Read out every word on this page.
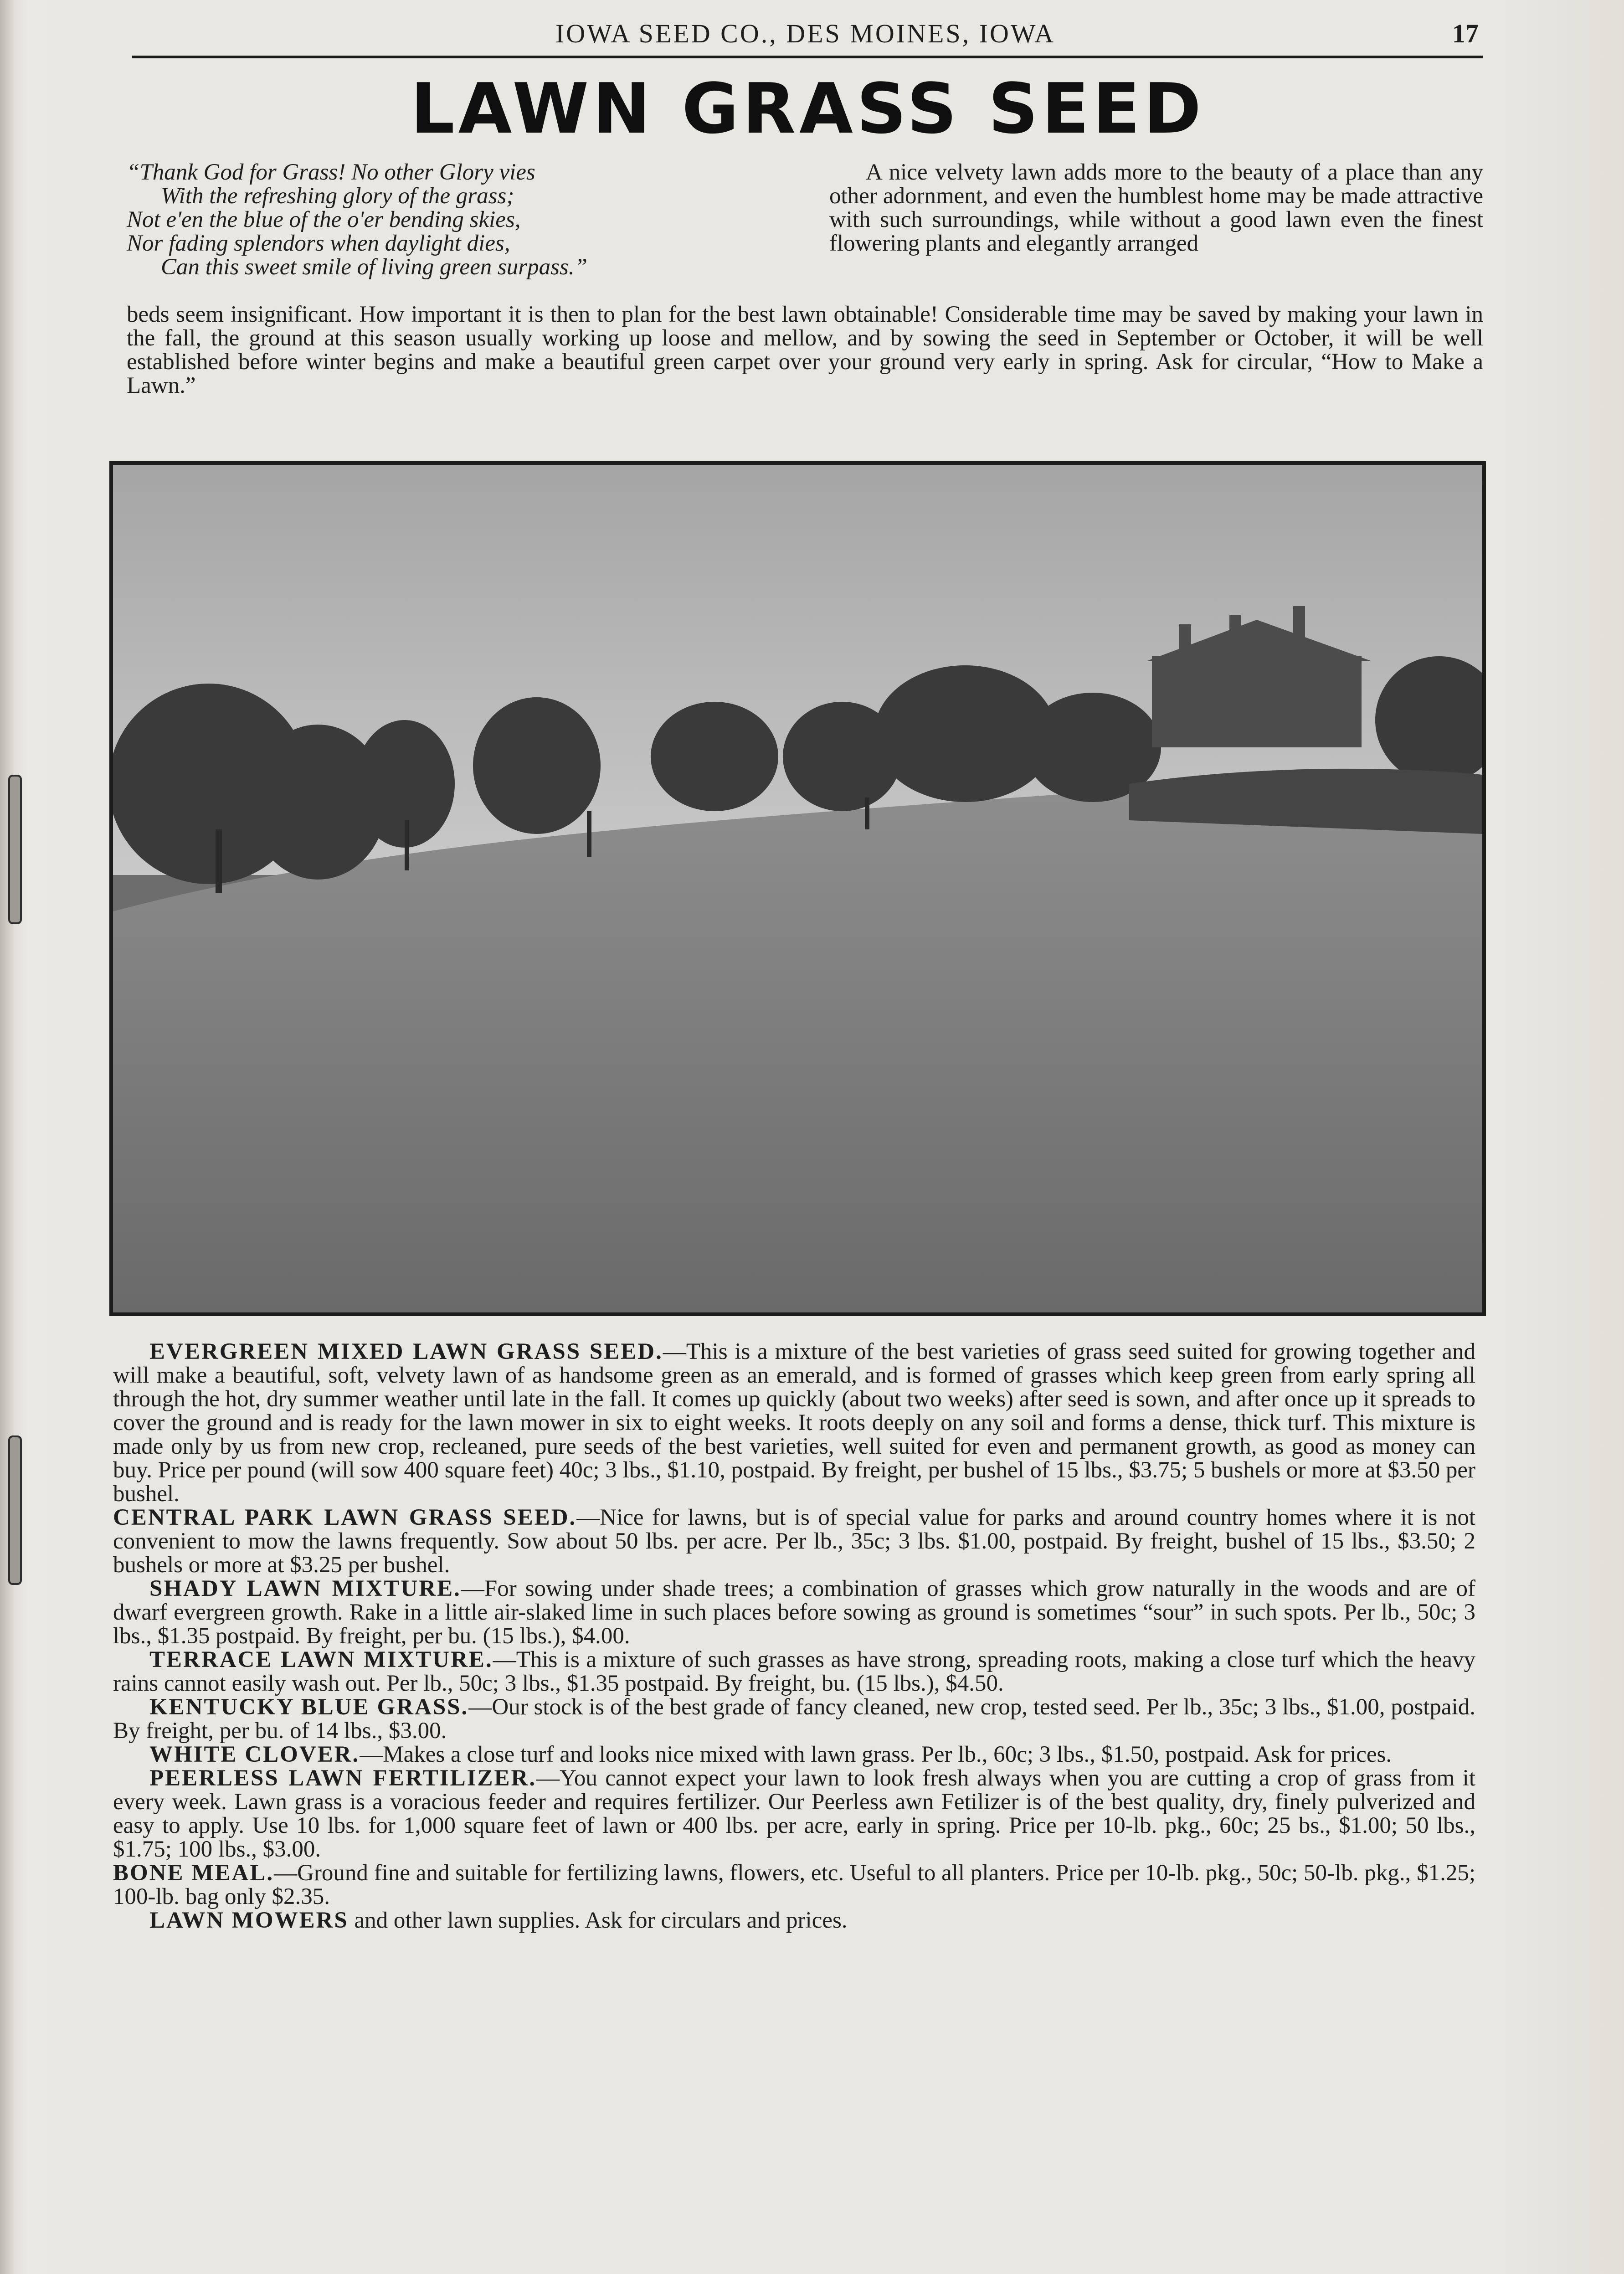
IOWA SEED CO., DES MOINES, IOWA	17
LAWN GRASS SEED
“Thank God for Grass! No other Glory vies
With the refreshing glory of the grass;
Not e'en the blue of the o'er bending skies,
Nor fading splendors when daylight dies,
Can this sweet smile of living green surpass.”
A nice velvety lawn adds more to the beauty of a place than any other adornment, and even the humblest home may be made attractive with such surroundings, while without a good lawn even the finest flowering plants and elegantly arranged
beds seem insignificant. How important it is then to plan for the best lawn obtainable! Considerable time may be saved by making your lawn in the fall, the ground at this season usually working up loose and mellow, and by sowing the seed in September or October, it will be well established before winter begins and make a beautiful green carpet over your ground very early in spring. Ask for circular, “How to Make a Lawn.”

EVERGREEN MIXED LAWN GRASS SEED.—This is a mixture of the best varieties of grass seed suited for growing together and will make a beautiful, soft, velvety lawn of as handsome green as an emerald, and is formed of grasses which keep green from early spring all through the hot, dry summer weather until late in the fall. It comes up quickly (about two weeks) after seed is sown, and after once up it spreads to cover the ground and is ready for the lawn mower in six to eight weeks. It roots deeply on any soil and forms a dense, thick turf. This mixture is made only by us from new crop, recleaned, pure seeds of the best varieties, well suited for even and permanent growth, as good as money can buy. Price per pound (will sow 400 square feet) 40c; 3 lbs., $1.10, postpaid. By freight, per bushel of 15 lbs., $3.75; 5 bushels or more at $3.50 per bushel.

CENTRAL PARK LAWN GRASS SEED.—Nice for lawns, but is of special value for parks and around country homes where it is not convenient to mow the lawns frequently. Sow about 50 lbs. per acre. Per lb., 35c; 3 lbs. $1.00, postpaid. By freight, bushel of 15 lbs., $3.50; 2 bushels or more at $3.25 per bushel.

SHADY LAWN MIXTURE.—For sowing under shade trees; a combination of grasses which grow naturally in the woods and are of dwarf evergreen growth. Rake in a little air-slaked lime in such places before sowing as ground is sometimes “sour” in such spots. Per lb., 50c; 3 lbs., $1.35 postpaid. By freight, per bu. (15 lbs.), $4.00.

TERRACE LAWN MIXTURE.—This is a mixture of such grasses as have strong, spreading roots, making a close turf which the heavy rains cannot easily wash out. Per lb., 50c; 3 lbs., $1.35 postpaid. By freight, bu. (15 lbs.), $4.50.

KENTUCKY BLUE GRASS.—Our stock is of the best grade of fancy cleaned, new crop, tested seed. Per lb., 35c; 3 lbs., $1.00, postpaid. By freight, per bu. of 14 lbs., $3.00.

WHITE CLOVER.—Makes a close turf and looks nice mixed with lawn grass. Per lb., 60c; 3 lbs., $1.50, postpaid. Ask for prices.

PEERLESS LAWN FERTILIZER.—You cannot expect your lawn to look fresh always when you are cutting a crop of grass from it every week. Lawn grass is a voracious feeder and requires fertilizer. Our Peerless awn Fetilizer is of the best quality, dry, finely pulverized and easy to apply. Use 10 lbs. for 1,000 square feet of lawn or 400 lbs. per acre, early in spring. Price per 10-lb. pkg., 60c; 25 bs., $1.00; 50 lbs., $1.75; 100 lbs., $3.00.

BONE MEAL.—Ground fine and suitable for fertilizing lawns, flowers, etc. Useful to all planters. Price per 10-lb. pkg., 50c; 50-lb. pkg., $1.25; 100-lb. bag only $2.35.

LAWN MOWERS and other lawn supplies. Ask for circulars and prices.
